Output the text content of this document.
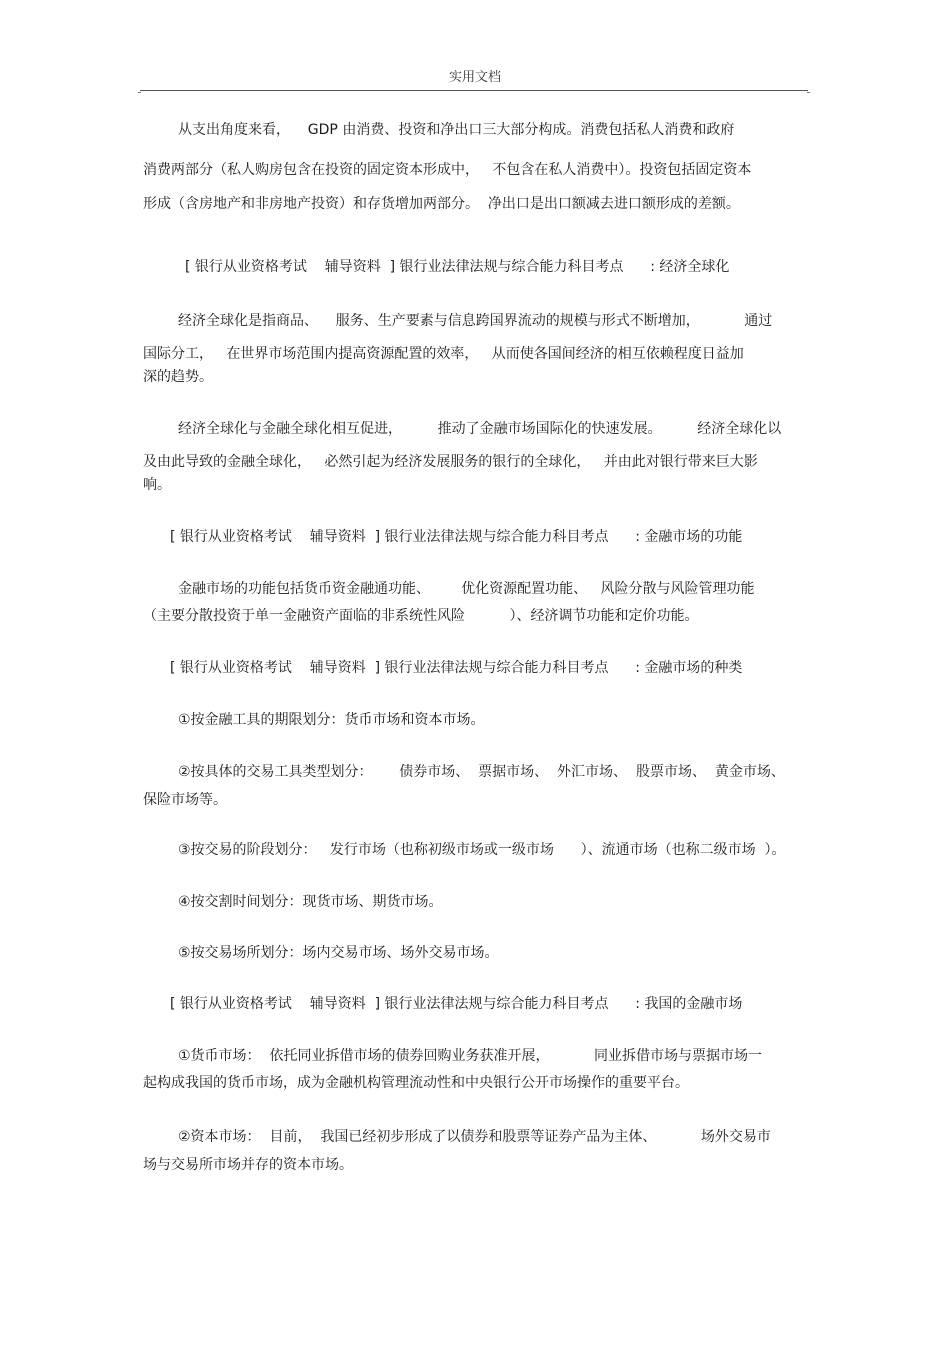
实用文档
从支出角度来看，    GDP 由消费、投资和净出口三大部分构成。消费包括私人消费和政府
消费两部分（私人购房包含在投资的固定资本形成中，   不包含在私人消费中）。投资包括固定资本
形成（含房地产和非房地产投资）和存货增加两部分。  净出口是出口额减去进口额形成的差额。
[ 银行从业资格考试    辅导资料  ] 银行业法律法规与综合能力科目考点      : 经济全球化
经济全球化是指商品、    服务、生产要素与信息跨国界流动的规模与形式不断增加，          通过
国际分工，   在世界市场范围内提高资源配置的效率，   从而使各国间经济的相互依赖程度日益加
深的趋势。
经济全球化与金融全球化相互促进，        推动了金融市场国际化的快速发展。        经济全球化以
及由此导致的金融全球化，   必然引起为经济发展服务的银行的全球化，   并由此对银行带来巨大影
响。
[ 银行从业资格考试    辅导资料  ] 银行业法律法规与综合能力科目考点      : 金融市场的功能
金融市场的功能包括货币资金融通功能、       优化资源配置功能、   风险分散与风险管理功能
（主要分散投资于单一金融资产面临的非系统性风险          ）、经济调节功能和定价功能。
[ 银行从业资格考试    辅导资料  ] 银行业法律法规与综合能力科目考点      : 金融市场的种类
①按金融工具的期限划分：货币市场和资本市场。
②按具体的交易工具类型划分：      债券市场、  票据市场、  外汇市场、  股票市场、  黄金市场、
保险市场等。
③按交易的阶段划分：   发行市场（也称初级市场或一级市场      ）、流通市场（也称二级市场  ）。
④按交割时间划分：现货市场、期货市场。
⑤按交易场所划分：场内交易市场、场外交易市场。
[ 银行从业资格考试    辅导资料  ] 银行业法律法规与综合能力科目考点      : 我国的金融市场
①货币市场：  依托同业拆借市场的债券回购业务获准开展，          同业拆借市场与票据市场一
起构成我国的货币市场，成为金融机构管理流动性和中央银行公开市场操作的重要平台。
②资本市场：  目前，  我国已经初步形成了以债券和股票等证券产品为主体、          场外交易市
场与交易所市场并存的资本市场。
